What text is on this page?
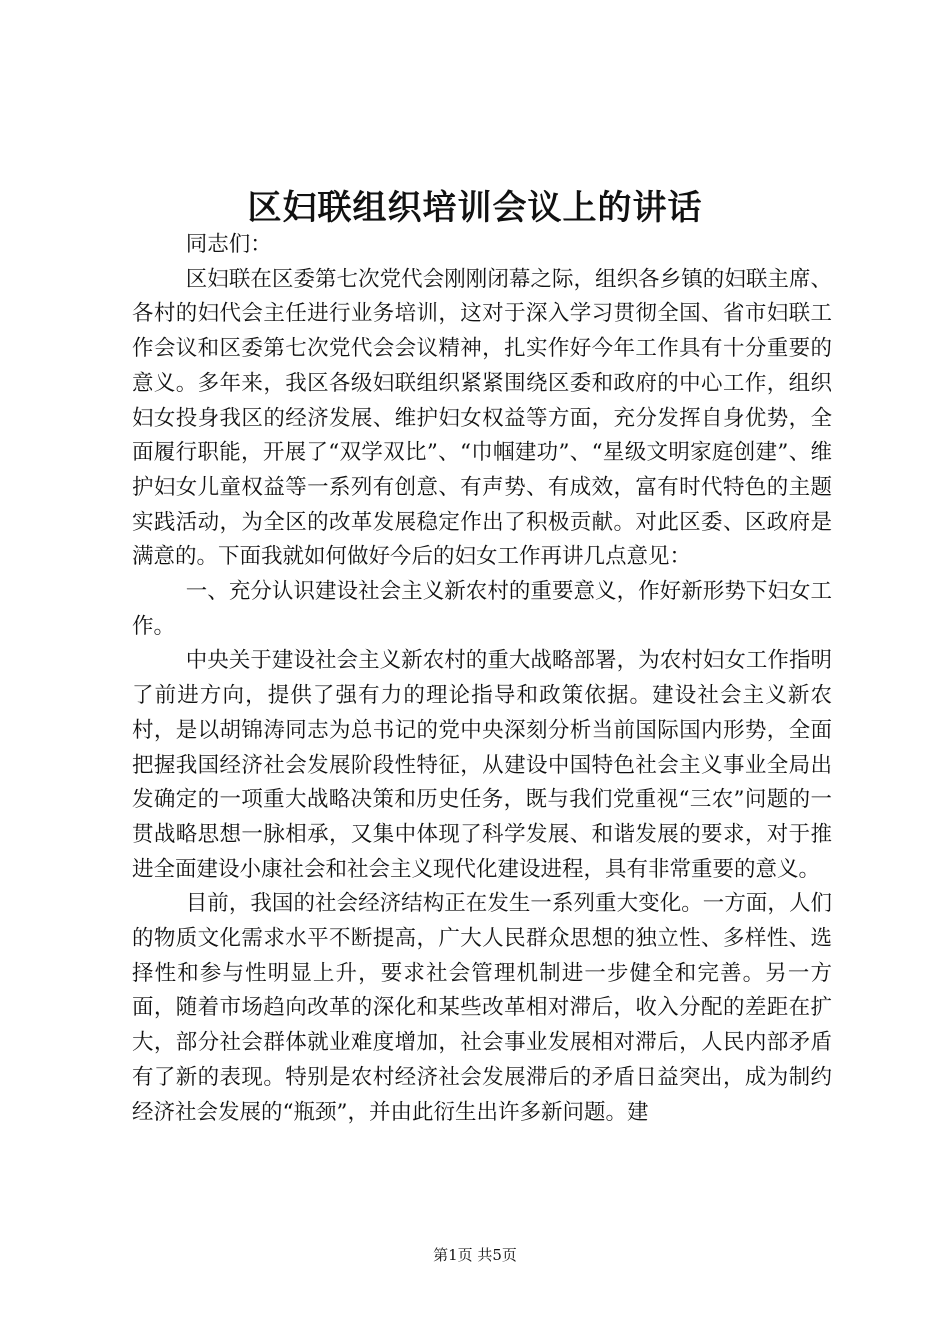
区妇联组织培训会议上的讲话

同志们：

区妇联在区委第七次党代会刚刚闭幕之际，组织各乡镇的妇联主席、各村的妇代会主任进行业务培训，这对于深入学习贯彻全国、省市妇联工作会议和区委第七次党代会会议精神，扎实作好今年工作具有十分重要的意义。多年来，我区各级妇联组织紧紧围绕区委和政府的中心工作，组织妇女投身我区的经济发展、维护妇女权益等方面，充分发挥自身优势，全面履行职能，开展了“双学双比”、“巾帼建功”、“星级文明家庭创建”、维护妇女儿童权益等一系列有创意、有声势、有成效，富有时代特色的主题实践活动，为全区的改革发展稳定作出了积极贡献。对此区委、区政府是满意的。下面我就如何做好今后的妇女工作再讲几点意见：

一、充分认识建设社会主义新农村的重要意义，作好新形势下妇女工作。

中央关于建设社会主义新农村的重大战略部署，为农村妇女工作指明了前进方向，提供了强有力的理论指导和政策依据。建设社会主义新农村，是以胡锦涛同志为总书记的党中央深刻分析当前国际国内形势，全面把握我国经济社会发展阶段性特征，从建设中国特色社会主义事业全局出发确定的一项重大战略决策和历史任务，既与我们党重视“三农”问题的一贯战略思想一脉相承，又集中体现了科学发展、和谐发展的要求，对于推进全面建设小康社会和社会主义现代化建设进程，具有非常重要的意义。

目前，我国的社会经济结构正在发生一系列重大变化。一方面，人们的物质文化需求水平不断提高，广大人民群众思想的独立性、多样性、选择性和参与性明显上升，要求社会管理机制进一步健全和完善。另一方面，随着市场趋向改革的深化和某些改革相对滞后，收入分配的差距在扩大，部分社会群体就业难度增加，社会事业发展相对滞后，人民内部矛盾有了新的表现。特别是农村经济社会发展滞后的矛盾日益突出，成为制约经济社会发展的“瓶颈”，并由此衍生出许多新问题。建

第1页 共5页
